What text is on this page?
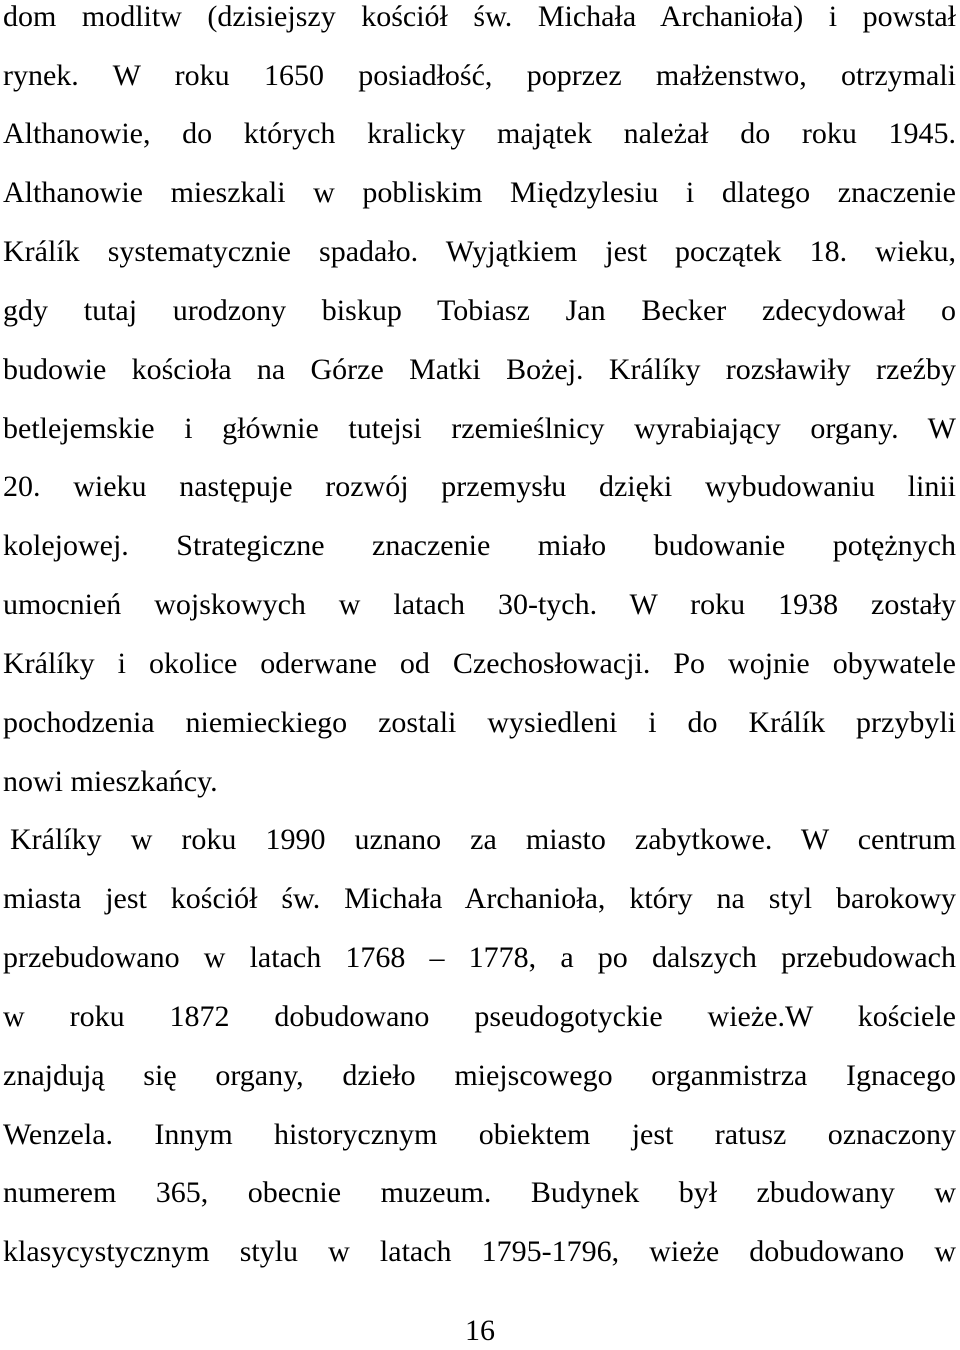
dom modlitw (dzisiejszy kościół św. Michała Archanioła) i powstał
rynek. W roku 1650 posiadłość, poprzez małżenstwo, otrzymali
Althanowie, do których kralicky majątek należał do roku 1945.
Althanowie mieszkali w pobliskim Międzylesiu i dlatego znaczenie
Králík systematycznie spadało. Wyjątkiem jest początek 18. wieku,
gdy tutaj urodzony biskup Tobiasz Jan Becker zdecydował o
budowie kościoła na Górze Matki Bożej. Králíky rozsławiły rzeźby
betlejemskie i głównie tutejsi rzemieślnicy wyrabiający organy. W
20. wieku następuje rozwój przemysłu dzięki wybudowaniu linii
kolejowej. Strategiczne znaczenie miało budowanie potężnych
umocnień wojskowych w latach 30-tych. W roku 1938 zostały
Králíky i okolice oderwane od Czechosłowacji. Po wojnie obywatele
pochodzenia niemieckiego zostali wysiedleni i do Králík przybyli
nowi mieszkańcy.
Králíky w roku 1990 uznano za miasto zabytkowe. W centrum
miasta jest kościół św. Michała Archanioła, który na styl barokowy
przebudowano w latach 1768 – 1778, a po dalszych przebudowach
w roku 1872 dobudowano pseudogotyckie wieże.W kościele
znajdują się organy, dzieło miejscowego organmistrza Ignacego
Wenzela. Innym historycznym obiektem jest ratusz oznaczony
numerem 365, obecnie muzeum. Budynek był zbudowany w
klasycystycznym stylu w latach 1795-1796, wieże dobudowano w
16
